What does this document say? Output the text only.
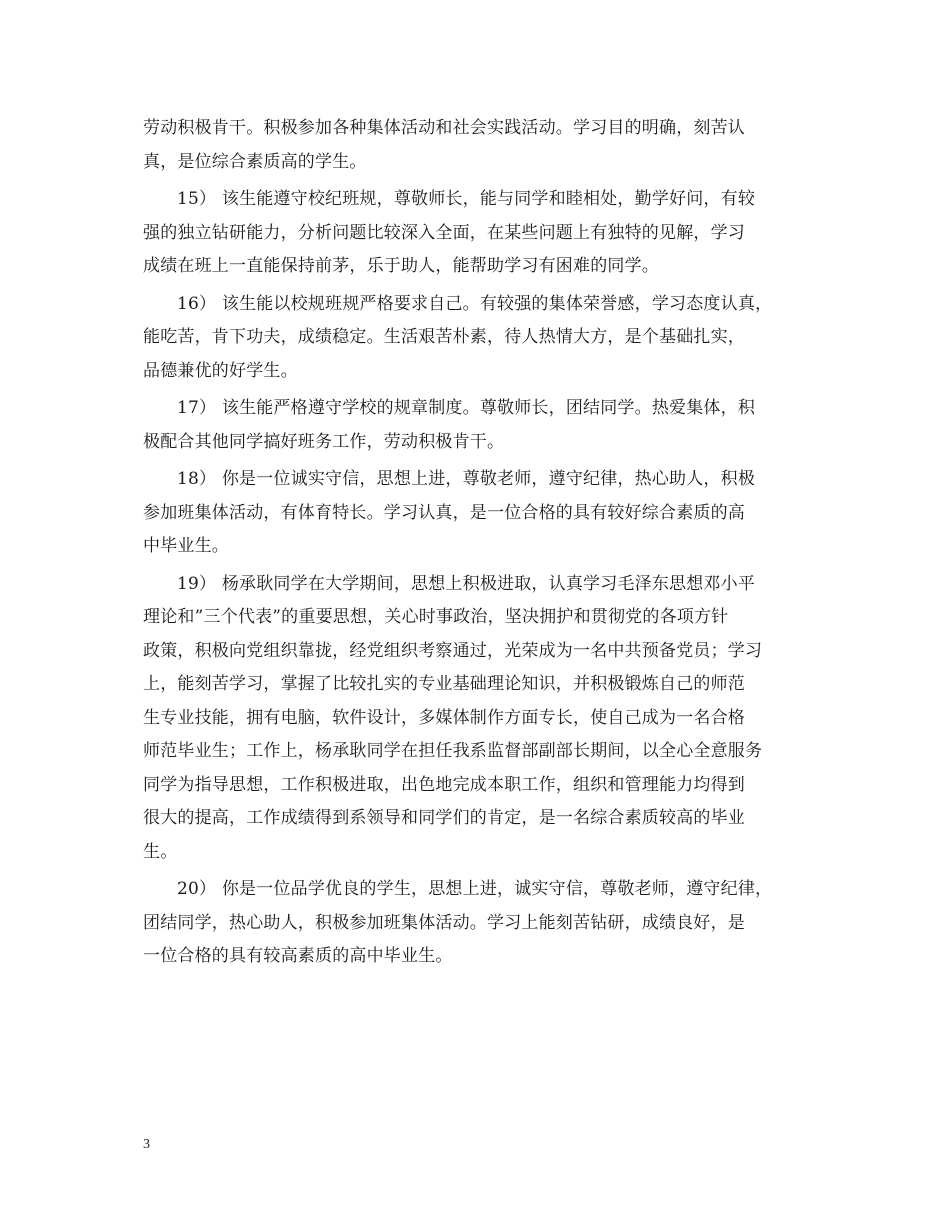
劳动积极肯干。积极参加各种集体活动和社会实践活动。学习目的明确，刻苦认
真，是位综合素质高的学生。
15） 该生能遵守校纪班规，尊敬师长，能与同学和睦相处，勤学好问，有较
强的独立钻研能力，分析问题比较深入全面，在某些问题上有独特的见解，学习
成绩在班上一直能保持前茅，乐于助人，能帮助学习有困难的同学。
16） 该生能以校规班规严格要求自己。有较强的集体荣誉感，学习态度认真，
能吃苦，肯下功夫，成绩稳定。生活艰苦朴素，待人热情大方，是个基础扎实，
品德兼优的好学生。
17） 该生能严格遵守学校的规章制度。尊敬师长，团结同学。热爱集体，积
极配合其他同学搞好班务工作，劳动积极肯干。
18） 你是一位诚实守信，思想上进，尊敬老师，遵守纪律，热心助人，积极
参加班集体活动，有体育特长。学习认真，是一位合格的具有较好综合素质的高
中毕业生。
19） 杨承耿同学在大学期间，思想上积极进取，认真学习毛泽东思想邓小平
理论和”三个代表”的重要思想，关心时事政治，坚决拥护和贯彻党的各项方针
政策，积极向党组织靠拢，经党组织考察通过，光荣成为一名中共预备党员；学习
上，能刻苦学习，掌握了比较扎实的专业基础理论知识，并积极锻炼自己的师范
生专业技能，拥有电脑，软件设计，多媒体制作方面专长，使自己成为一名合格
师范毕业生；工作上，杨承耿同学在担任我系监督部副部长期间，以全心全意服务
同学为指导思想，工作积极进取，出色地完成本职工作，组织和管理能力均得到
很大的提高，工作成绩得到系领导和同学们的肯定，是一名综合素质较高的毕业
生。
20） 你是一位品学优良的学生，思想上进，诚实守信，尊敬老师，遵守纪律，
团结同学，热心助人，积极参加班集体活动。学习上能刻苦钻研，成绩良好，是
一位合格的具有较高素质的高中毕业生。
3
